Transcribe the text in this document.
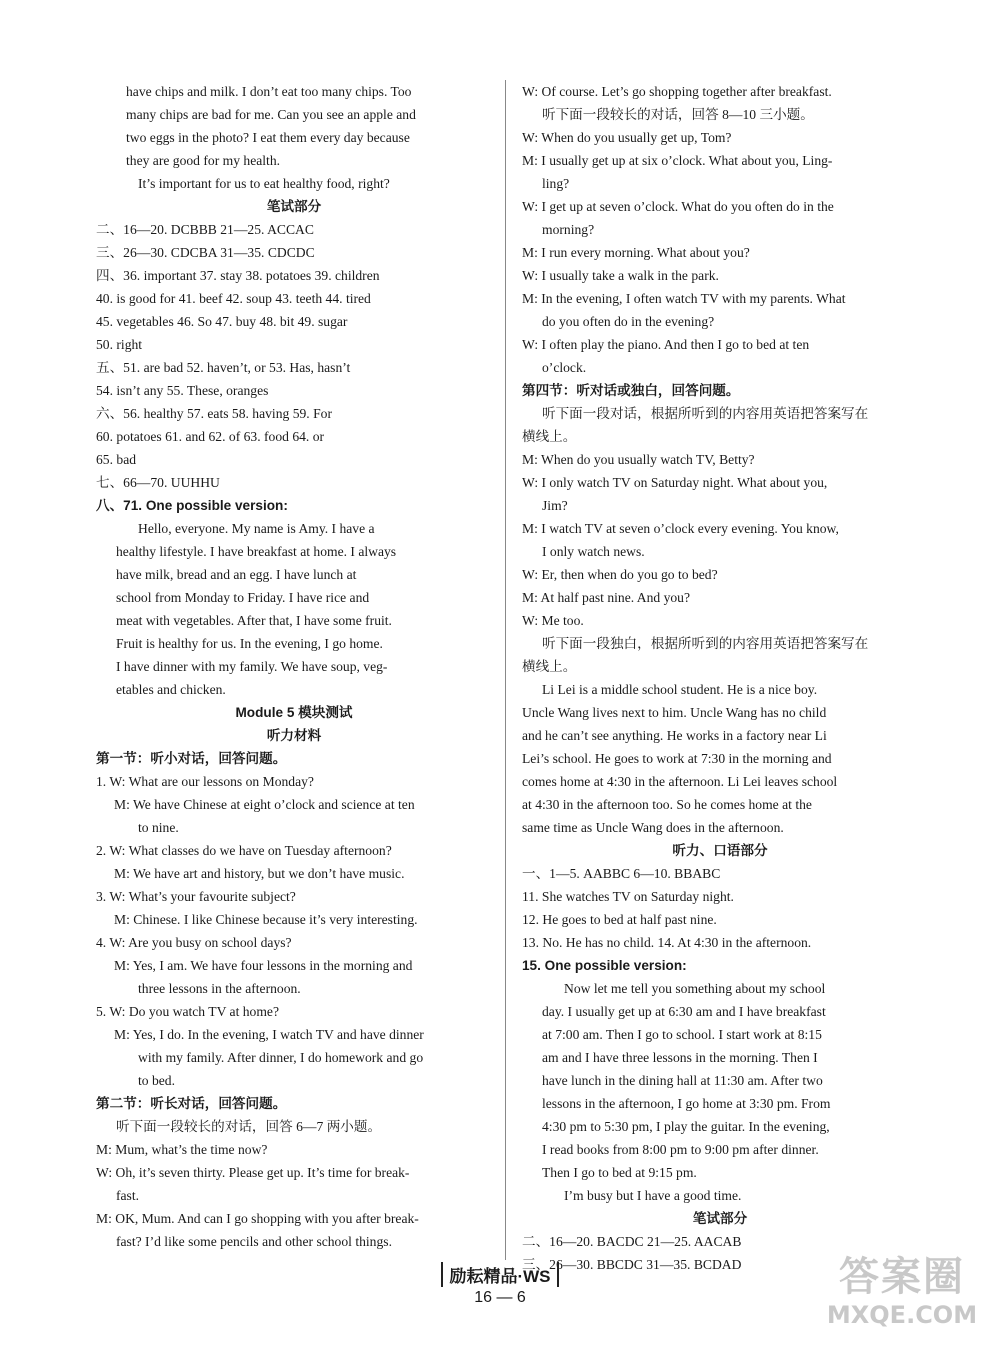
have chips and milk. I don’t eat too many chips. Too
many chips are bad for me. Can you see an apple and
two eggs in the photo? I eat them every day because
they are good for my health.
It’s important for us to eat healthy food, right?
笔试部分
二、16—20. DCBBB 21—25. ACCAC
三、26—30. CDCBA 31—35. CDCDC
四、36. important 37. stay 38. potatoes 39. children
40. is good for 41. beef 42. soup 43. teeth 44. tired
45. vegetables 46. So 47. buy 48. bit 49. sugar
50. right
五、51. are bad 52. haven’t, or 53. Has, hasn’t
54. isn’t any 55. These, oranges
六、56. healthy 57. eats 58. having 59. For
60. potatoes 61. and 62. of 63. food 64. or
65. bad
七、66—70. UUHHU
八、71. One possible version:
Hello, everyone. My name is Amy. I have a
healthy lifestyle. I have breakfast at home. I always
have milk, bread and an egg. I have lunch at
school from Monday to Friday. I have rice and
meat with vegetables. After that, I have some fruit.
Fruit is healthy for us. In the evening, I go home.
I have dinner with my family. We have soup, veg-
etables and chicken.
Module 5 模块测试
听力材料
第一节：听小对话，回答问题。
1. W: What are our lessons on Monday?
M: We have Chinese at eight o’clock and science at ten
to nine.
2. W: What classes do we have on Tuesday afternoon?
M: We have art and history, but we don’t have music.
3. W: What’s your favourite subject?
M: Chinese. I like Chinese because it’s very interesting.
4. W: Are you busy on school days?
M: Yes, I am. We have four lessons in the morning and
three lessons in the afternoon.
5. W: Do you watch TV at home?
M: Yes, I do. In the evening, I watch TV and have dinner
with my family. After dinner, I do homework and go
to bed.
第二节：听长对话，回答问题。
听下面一段较长的对话，回答 6—7 两小题。
M: Mum, what’s the time now?
W: Oh, it’s seven thirty. Please get up. It’s time for break-
fast.
M: OK, Mum. And can I go shopping with you after break-
fast? I’d like some pencils and other school things.
W: Of course. Let’s go shopping together after breakfast.
听下面一段较长的对话，回答 8—10 三小题。
W: When do you usually get up, Tom?
M: I usually get up at six o’clock. What about you, Ling-
ling?
W: I get up at seven o’clock. What do you often do in the
morning?
M: I run every morning. What about you?
W: I usually take a walk in the park.
M: In the evening, I often watch TV with my parents. What
do you often do in the evening?
W: I often play the piano. And then I go to bed at ten
o’clock.
第四节：听对话或独白，回答问题。
听下面一段对话，根据所听到的内容用英语把答案写在
横线上。
M: When do you usually watch TV, Betty?
W: I only watch TV on Saturday night. What about you,
Jim?
M: I watch TV at seven o’clock every evening. You know,
I only watch news.
W: Er, then when do you go to bed?
M: At half past nine. And you?
W: Me too.
听下面一段独白，根据所听到的内容用英语把答案写在
横线上。
Li Lei is a middle school student. He is a nice boy.
Uncle Wang lives next to him. Uncle Wang has no child
and he can’t see anything. He works in a factory near Li
Lei’s school. He goes to work at 7:30 in the morning and
comes home at 4:30 in the afternoon. Li Lei leaves school
at 4:30 in the afternoon too. So he comes home at the
same time as Uncle Wang does in the afternoon.
听力、口语部分
一、1—5. AABBC 6—10. BBABC
11. She watches TV on Saturday night.
12. He goes to bed at half past nine.
13. No. He has no child. 14. At 4:30 in the afternoon.
15. One possible version:
Now let me tell you something about my school
day. I usually get up at 6:30 am and I have breakfast
at 7:00 am. Then I go to school. I start work at 8:15
am and I have three lessons in the morning. Then I
have lunch in the dining hall at 11:30 am. After two
lessons in the afternoon, I go home at 3:30 pm. From
4:30 pm to 5:30 pm, I play the guitar. In the evening,
I read books from 8:00 pm to 9:00 pm after dinner.
Then I go to bed at 9:15 pm.
I’m busy but I have a good time.
笔试部分
二、16—20. BACDC 21—25. AACAB
三、26—30. BBCDC 31—35. BCDAD
励耘精品·WS
16 — 6	答案圈
MXQE.COM
